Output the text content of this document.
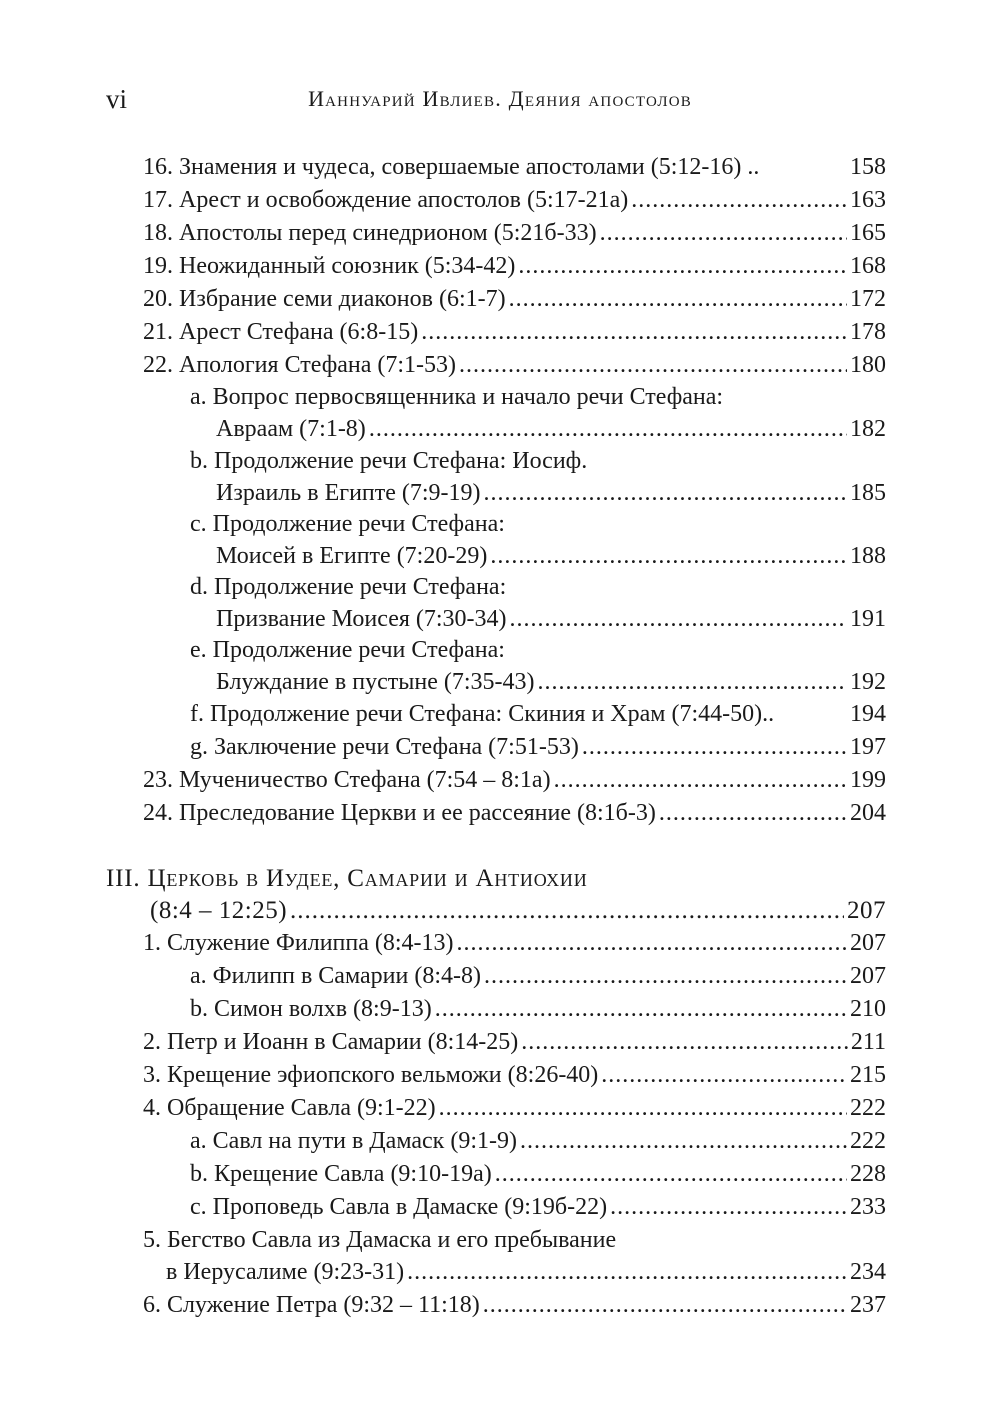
vi	Ианнуарий Ивлиев. Деяния апостолов
16. Знамения и чудеса, совершаемые апостолами (5:12-16) ..	158
17. Арест и освобождение апостолов (5:17-21а) .....	163
18. Апостолы перед синедрионом (5:21б-33) .....	165
19. Неожиданный союзник (5:34-42) .....	168
20. Избрание семи диаконов (6:1-7) .....	172
21. Арест Стефана (6:8-15) .....	178
22. Апология Стефана (7:1-53) .....	180
a. Вопрос первосвященника и начало речи Стефана:
Авраам (7:1-8) .....	182
b. Продолжение речи Стефана: Иосиф.
Израиль в Египте (7:9-19) .....	185
c. Продолжение речи Стефана:
Моисей в Египте (7:20-29) .....	188
d. Продолжение речи Стефана:
Призвание Моисея (7:30-34) .....	191
e. Продолжение речи Стефана:
Блуждание в пустыне (7:35-43) .....	192
f. Продолжение речи Стефана: Скиния и Храм (7:44-50)..	194
g. Заключение речи Стефана (7:51-53) .....	197
23. Мученичество Стефана (7:54 – 8:1а) .....	199
24. Преследование Церкви и ее рассеяние (8:1б-3) .....	204
III. Церковь в Иудее, Самарии и Антиохии
(8:4 – 12:25) .....	207
1. Служение Филиппа (8:4-13) .....	207
a. Филипп в Самарии (8:4-8) .....	207
b. Симон волхв (8:9-13) .....	210
2. Петр и Иоанн в Самарии (8:14-25) .....	211
3. Крещение эфиопского вельможи (8:26-40) .....	215
4. Обращение Савла (9:1-22) .....	222
a. Савл на пути в Дамаск (9:1-9) .....	222
b. Крещение Савла (9:10-19а) .....	228
c. Проповедь Савла в Дамаске (9:19б-22) .....	233
5. Бегство Савла из Дамаска и его пребывание
в Иерусалиме (9:23-31) .....	234
6. Служение Петра (9:32 – 11:18) .....	237
